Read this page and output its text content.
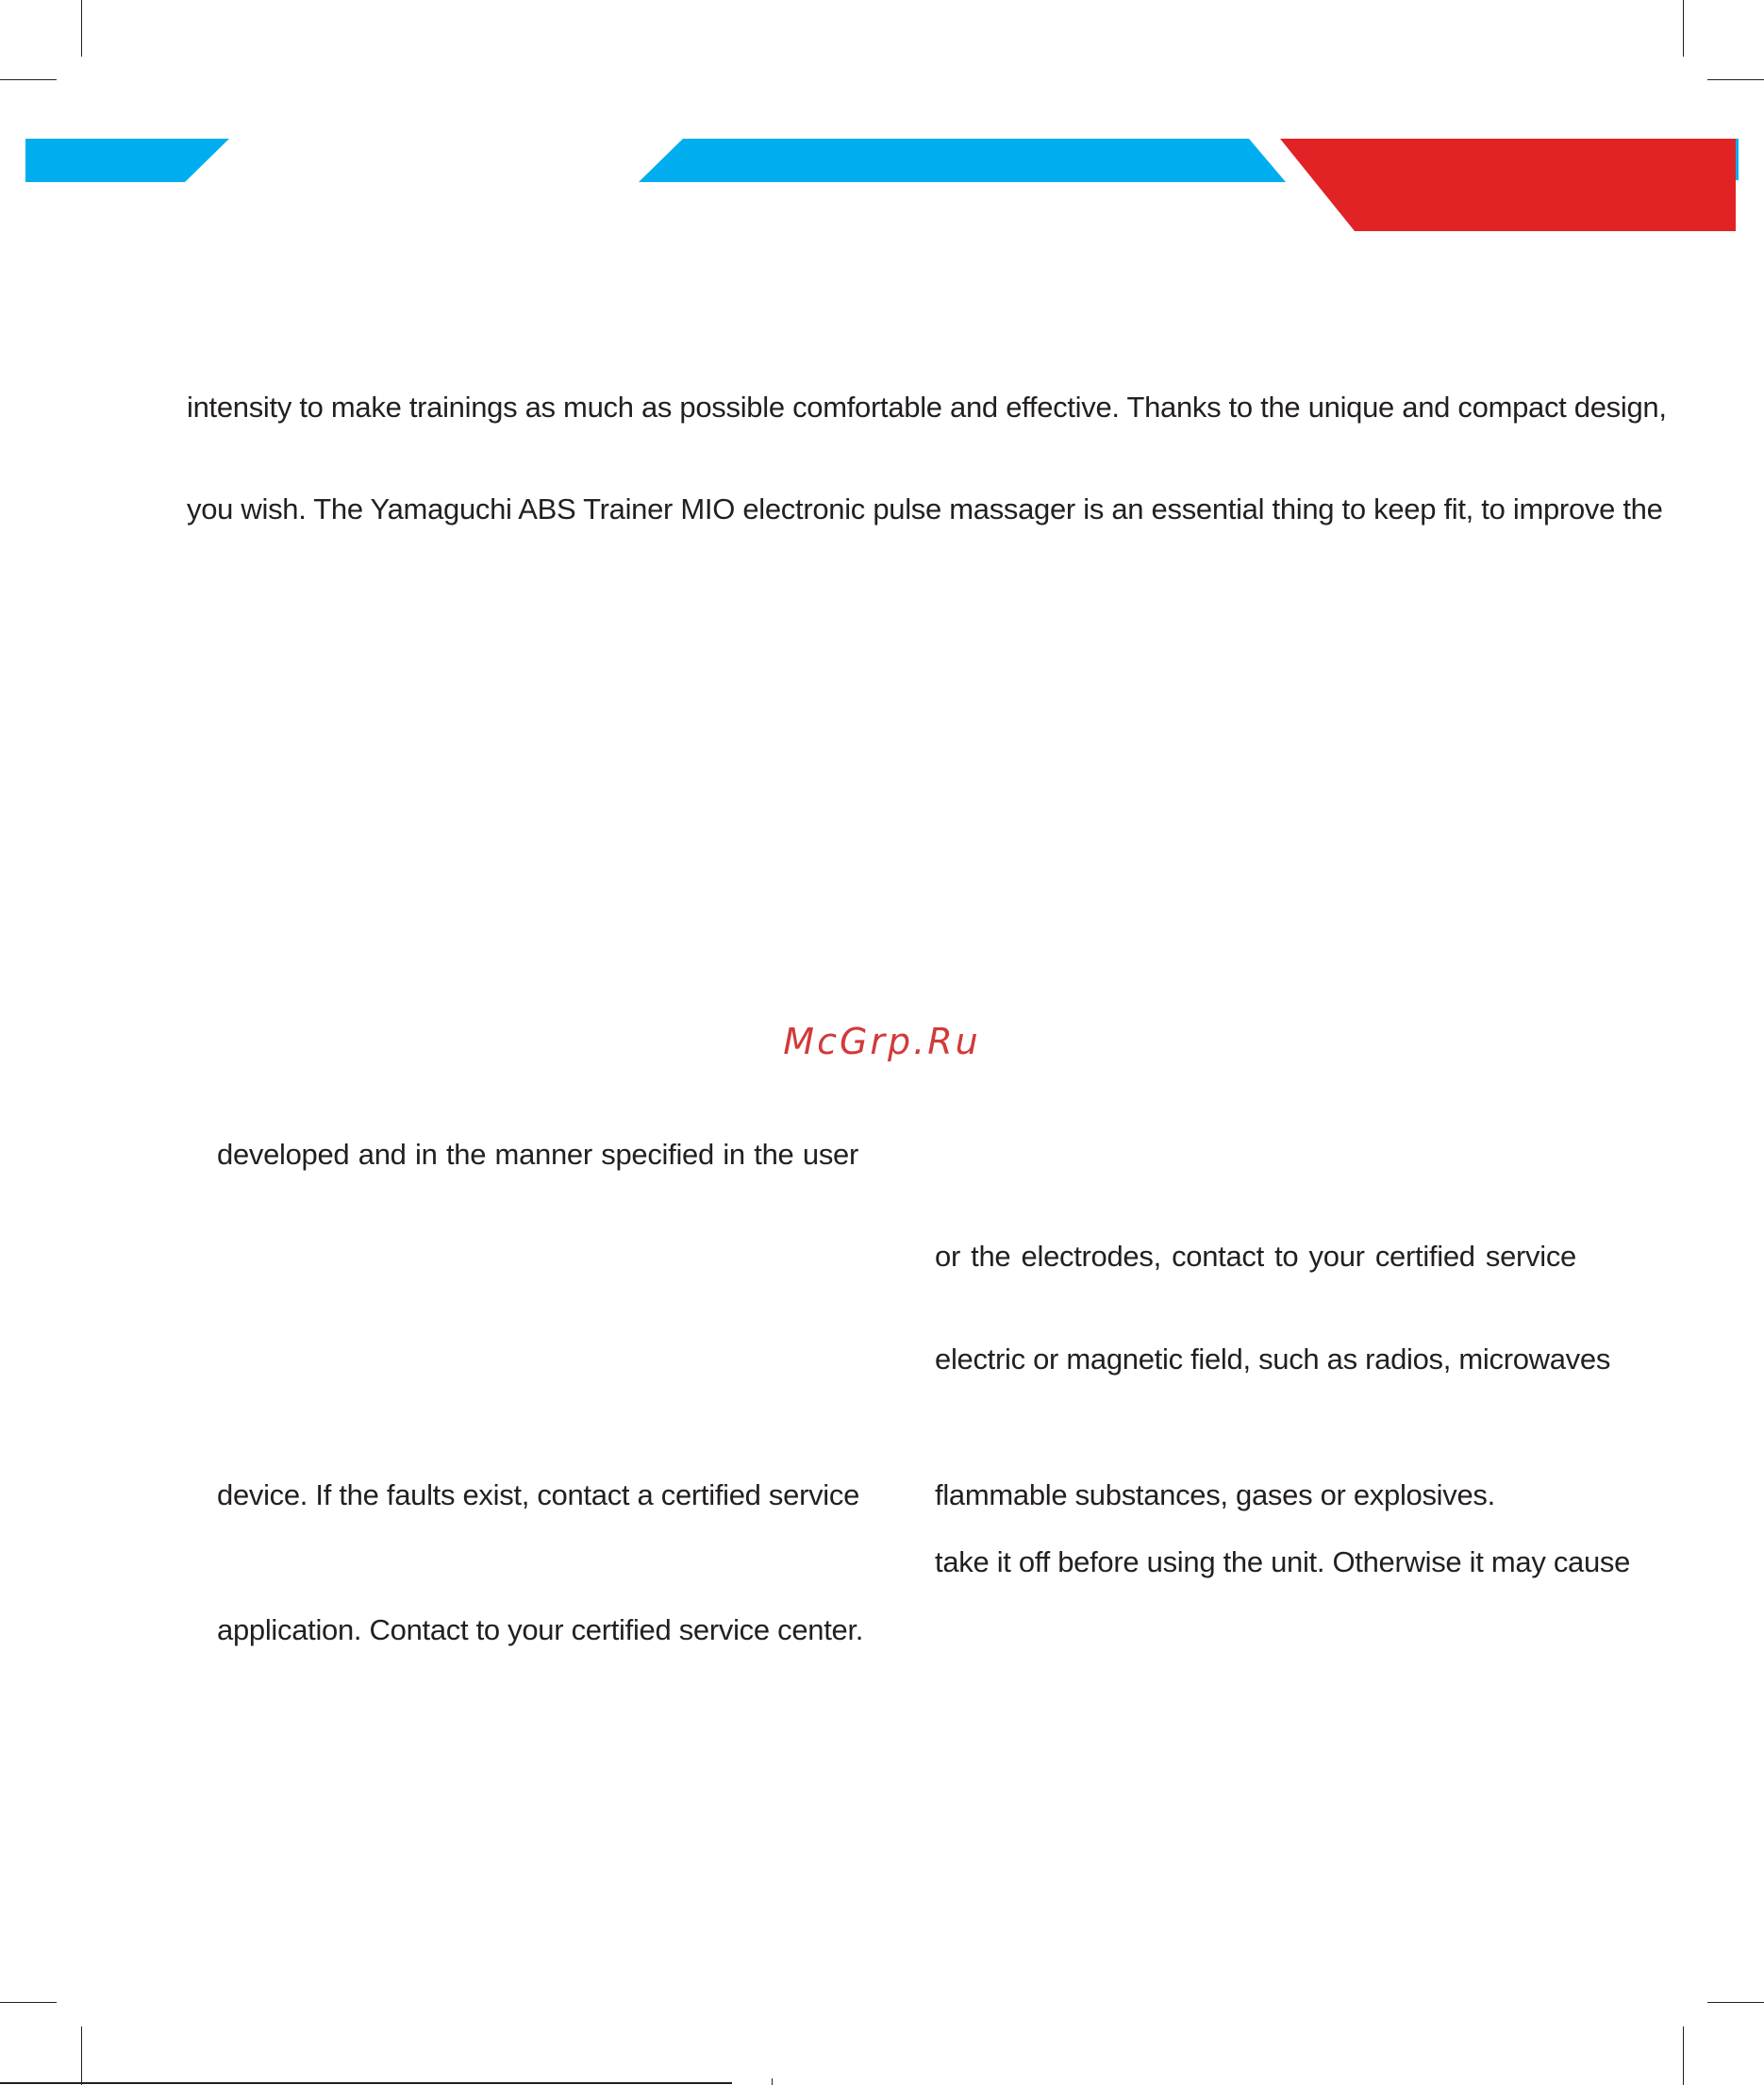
intensity to make trainings as much as possible comfortable and effective. Thanks to the unique and compact design,

you wish. The Yamaguchi ABS Trainer MIO electronic pulse massager is an essential thing to keep fit, to improve the

McGrp.Ru

developed and in the manner specified in the user

device. If the faults exist, contact a certified service

application. Contact to your certified service center.

or the electrodes, contact to your certified service

electric or magnetic field, such as radios, microwaves

flammable substances, gases or explosives.

take it off before using the unit. Otherwise it may cause
